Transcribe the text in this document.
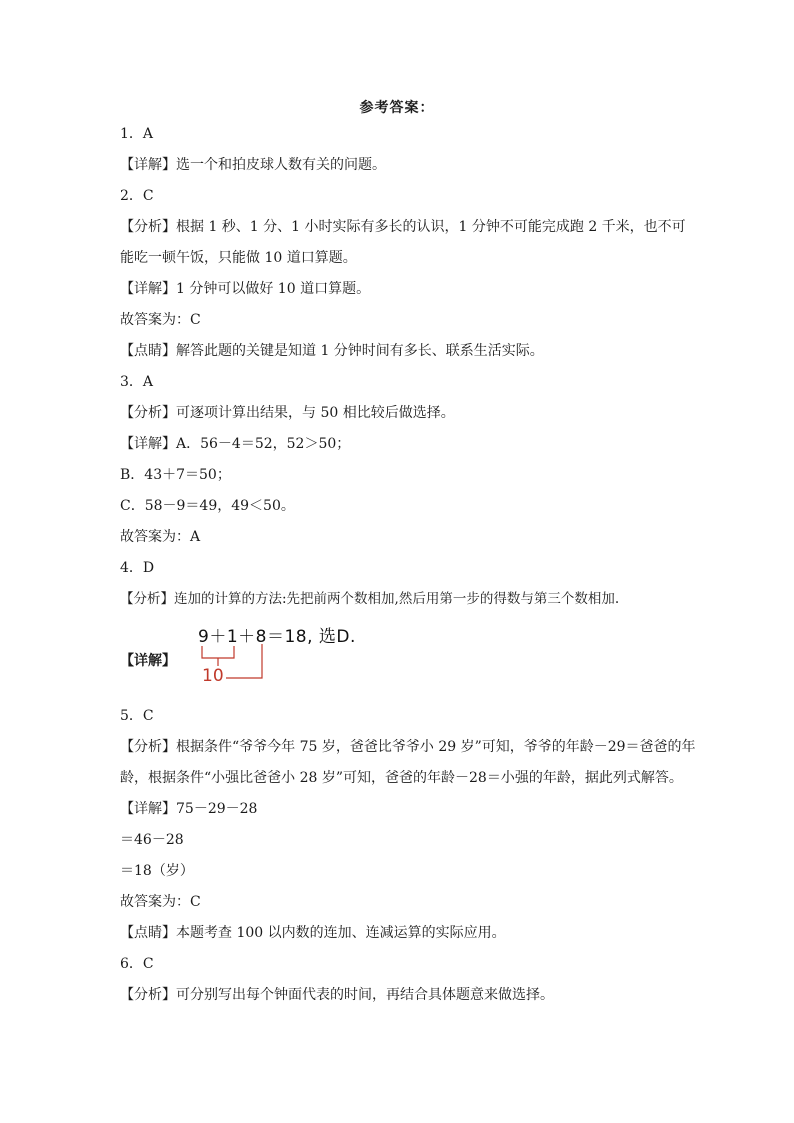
参考答案：
1．A
【详解】选一个和拍皮球人数有关的问题。
2．C
【分析】根据 1 秒、1 分、1 小时实际有多长的认识，1 分钟不可能完成跑 2 千米，也不可
能吃一顿午饭，只能做 10 道口算题。
【详解】1 分钟可以做好 10 道口算题。
故答案为：C
【点睛】解答此题的关键是知道 1 分钟时间有多长、联系生活实际。
3．A
【分析】可逐项计算出结果，与 50 相比较后做选择。
【详解】A．56－4＝52，52＞50；
B．43＋7＝50；
C．58－9＝49，49＜50。
故答案为：A
4．D
【分析】连加的计算的方法:先把前两个数相加,然后用第一步的得数与第三个数相加.
【详解】
9＋1＋8＝18, 选D.
10
5．C
【分析】根据条件“爷爷今年 75 岁，爸爸比爷爷小 29 岁”可知，爷爷的年龄－29＝爸爸的年
龄，根据条件“小强比爸爸小 28 岁”可知，爸爸的年龄－28＝小强的年龄，据此列式解答。
【详解】75－29－28
＝46－28
＝18（岁）
故答案为：C
【点睛】本题考查 100 以内数的连加、连减运算的实际应用。
6．C
【分析】可分别写出每个钟面代表的时间，再结合具体题意来做选择。
